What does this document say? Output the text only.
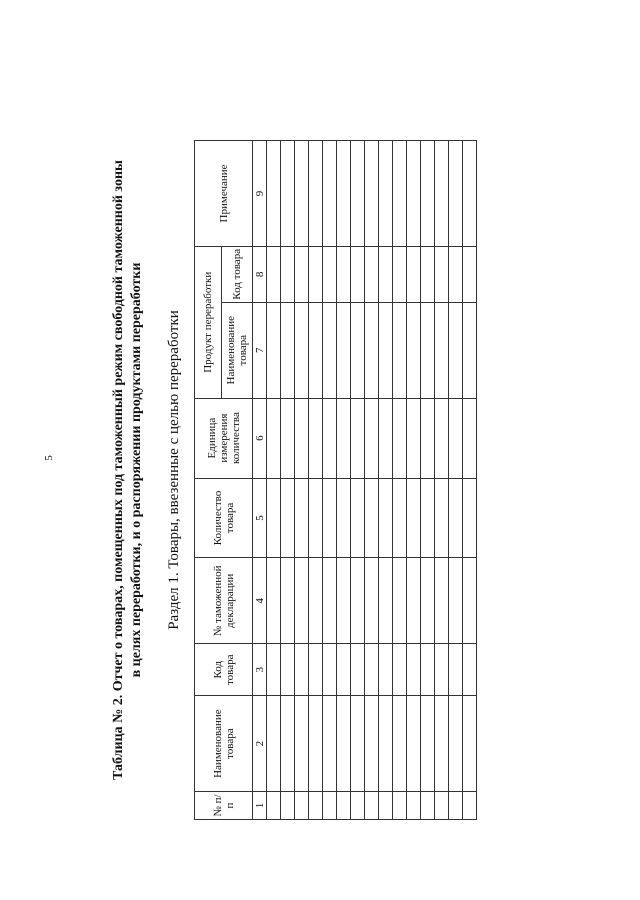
5	Таблица № 2. Отчет о товарах, помещенных под таможенный режим свободной таможенной зоны в целях переработки, и о распоряжении продуктами переработки Раздел 1. Товары, ввезенные с целью переработки
№ п/п	Наименование товара	Код товара	№ таможенной декларации	Количество товара	Единица измерения количества	Продукт переработки		Примечание
						Наименование товара	Код товара	
1	2	3	4	5	6	7	8	9
